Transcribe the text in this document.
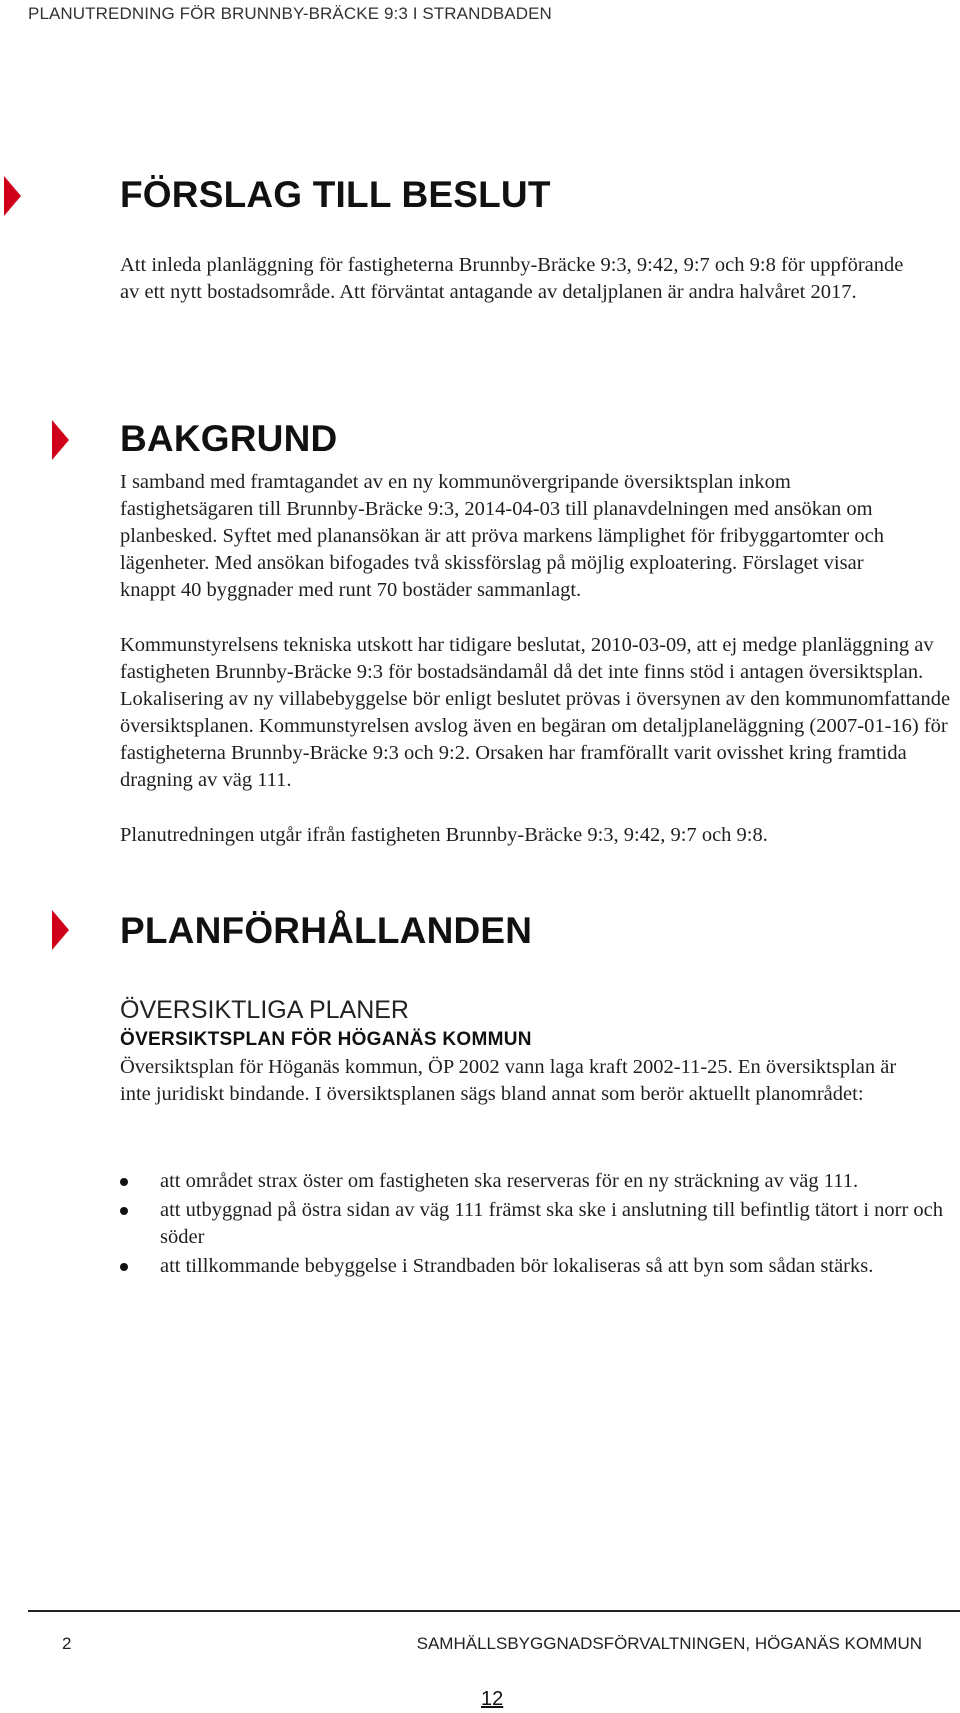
PLANUTREDNING FÖR BRUNNBY-BRÄCKE 9:3 I STRANDBADEN
FÖRSLAG TILL BESLUT

Att inleda planläggning för fastigheterna Brunnby-Bräcke 9:3, 9:42, 9:7 och 9:8 för uppförande av ett nytt bostadsområde. Att förväntat antagande av detaljplanen är andra halvåret 2017.

BAKGRUND

I samband med framtagandet av en ny kommunövergripande översiktsplan inkom fastighetsägaren till Brunnby-Bräcke 9:3, 2014-04-03 till planavdelningen med ansökan om planbesked. Syftet med planansökan är att pröva markens lämplighet för fribyggartomter och lägenheter. Med ansökan bifogades två skissförslag på möjlig exploatering. Förslaget visar knappt 40 byggnader med runt 70 bostäder sammanlagt.

Kommunstyrelsens tekniska utskott har tidigare beslutat, 2010-03-09, att ej medge planläggning av fastigheten Brunnby-Bräcke 9:3 för bostadsändamål då det inte finns stöd i antagen översiktsplan. Lokalisering av ny villabebyggelse bör enligt beslutet prövas i översynen av den kommunomfattande översiktsplanen. Kommunstyrelsen avslog även en begäran om detaljplaneläggning (2007-01-16) för fastigheterna Brunnby-Bräcke 9:3 och 9:2. Orsaken har framförallt varit ovisshet kring framtida dragning av väg 111.

Planutredningen utgår ifrån fastigheten Brunnby-Bräcke 9:3, 9:42, 9:7 och 9:8.

PLANFÖRHÅLLANDEN
ÖVERSIKTLIGA PLANER
ÖVERSIKTSPLAN FÖR HÖGANÄS KOMMUN

Översiktsplan för Höganäs kommun, ÖP 2002 vann laga kraft 2002-11-25. En översiktsplan är inte juridiskt bindande. I översiktsplanen sägs bland annat som berör aktuellt planområdet:

att området strax öster om fastigheten ska reserveras för en ny sträckning av väg 111.
att utbyggnad på östra sidan av väg 111 främst ska ske i anslutning till befintlig tätort i norr och söder
att tillkommande bebyggelse i Strandbaden bör lokaliseras så att byn som sådan stärks.
2	SAMHÄLLSBYGGNADSFÖRVALTNINGEN, HÖGANÄS KOMMUN
12
